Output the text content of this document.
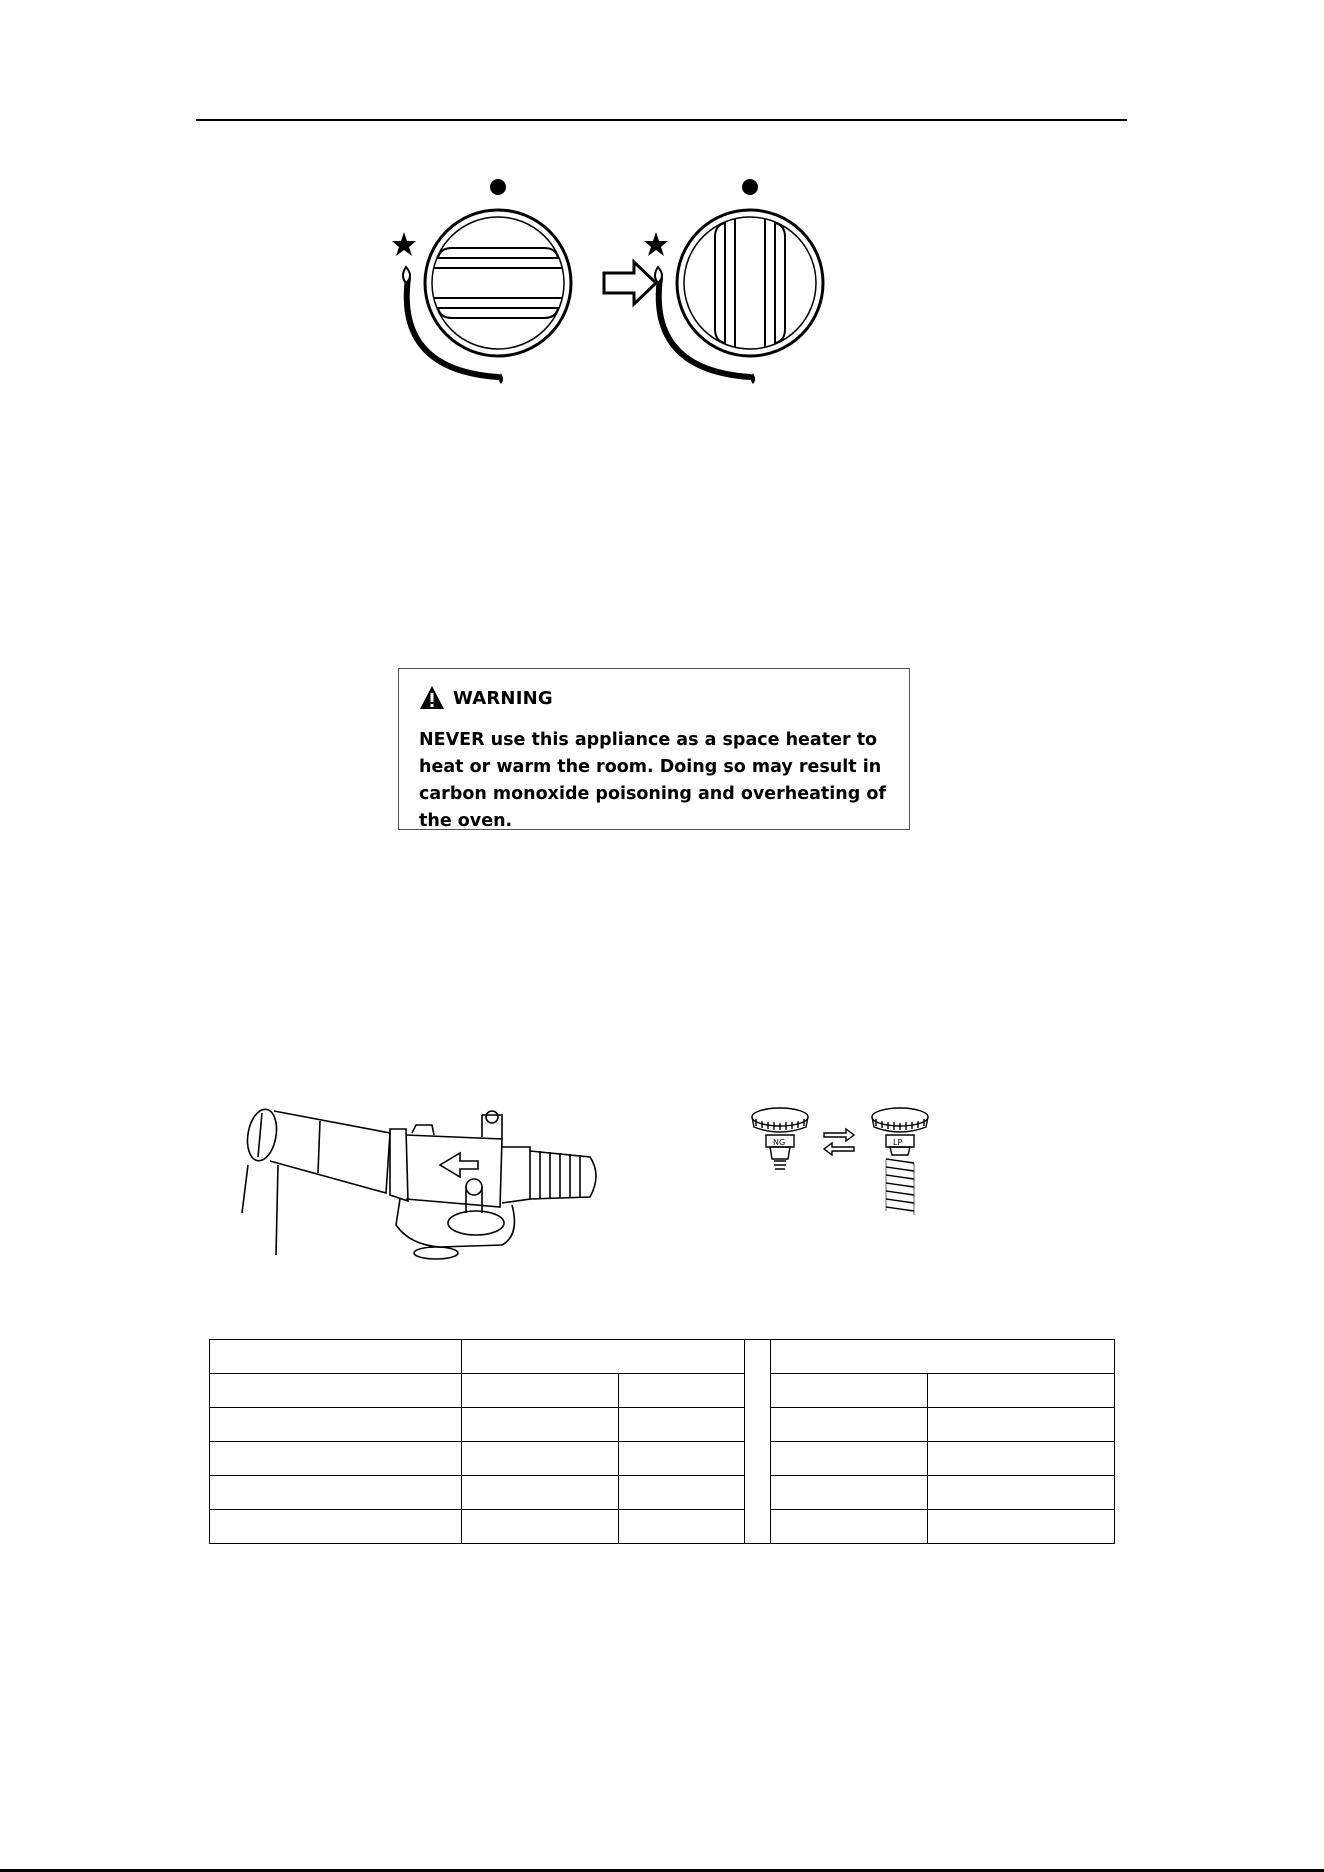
WARNING

NEVER use this appliance as a space heater to heat or warm the room. Doing so may result in carbon monoxide poisoning and overheating of the oven.

NG	LP
